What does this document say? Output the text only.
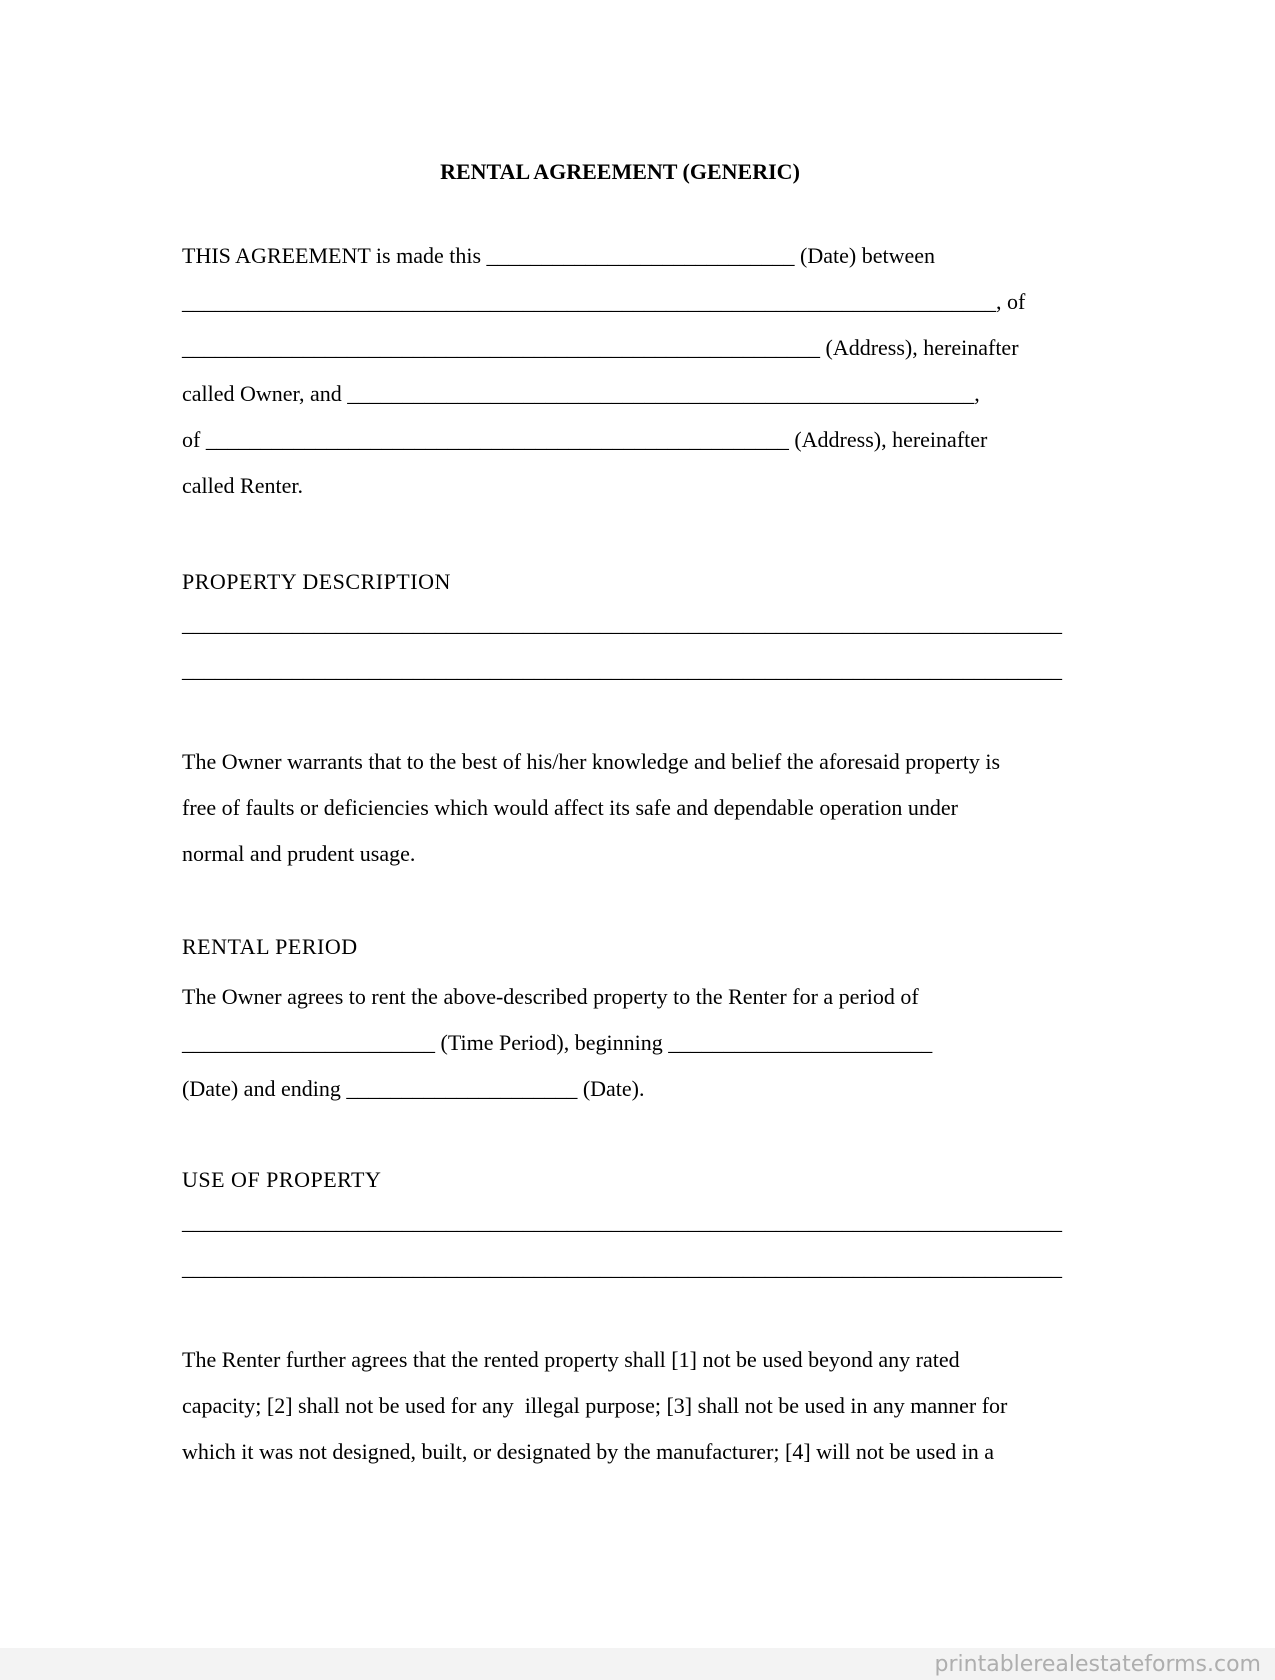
RENTAL AGREEMENT (GENERIC)
THIS AGREEMENT is made this ____________________________ (Date) between
__________________________________________________________________________, of
__________________________________________________________ (Address), hereinafter
called Owner, and _________________________________________________________,
of _____________________________________________________ (Address), hereinafter
called Renter.
PROPERTY DESCRIPTION
________________________________________________________________________________
________________________________________________________________________________
The Owner warrants that to the best of his/her knowledge and belief the aforesaid property is
free of faults or deficiencies which would affect its safe and dependable operation under
normal and prudent usage.
RENTAL PERIOD
The Owner agrees to rent the above-described property to the Renter for a period of
_______________________ (Time Period), beginning ________________________
(Date) and ending _____________________ (Date).
USE OF PROPERTY
________________________________________________________________________________
________________________________________________________________________________
The Renter further agrees that the rented property shall [1] not be used beyond any rated
capacity; [2] shall not be used for any  illegal purpose; [3] shall not be used in any manner for
which it was not designed, built, or designated by the manufacturer; [4] will not be used in a
printablerealestateforms.com
